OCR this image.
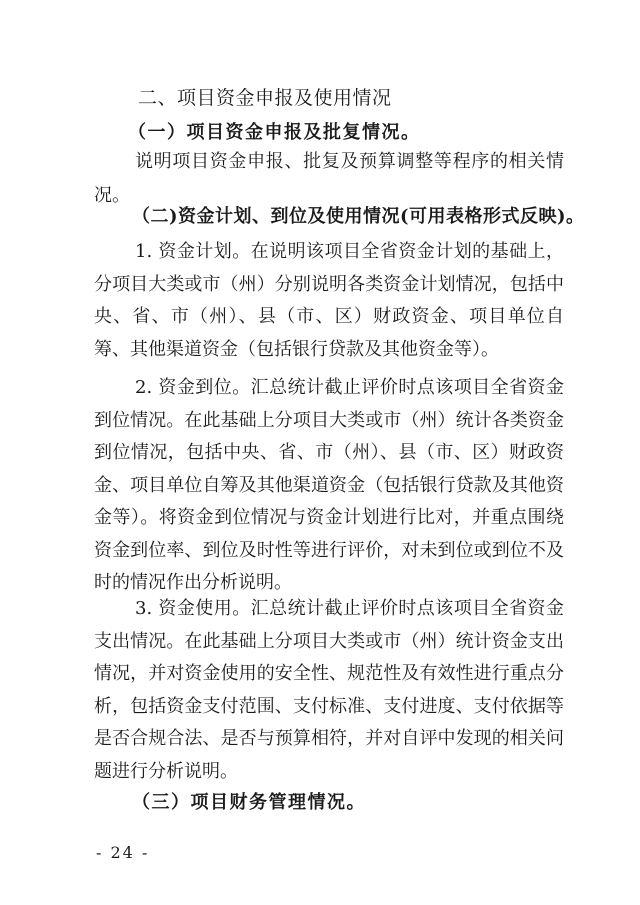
二、项目资金申报及使用情况
（一）项目资金申报及批复情况。

说明项目资金申报、批复及预算调整等程序的相关情况。

（二)资金计划、到位及使用情况(可用表格形式反映)。

1. 资金计划。在说明该项目全省资金计划的基础上，分项目大类或市（州）分别说明各类资金计划情况，包括中央、省、市（州）、县（市、区）财政资金、项目单位自筹、其他渠道资金（包括银行贷款及其他资金等）。

2. 资金到位。汇总统计截止评价时点该项目全省资金到位情况。在此基础上分项目大类或市（州）统计各类资金到位情况，包括中央、省、市（州）、县（市、区）财政资金、项目单位自筹及其他渠道资金（包括银行贷款及其他资金等）。将资金到位情况与资金计划进行比对，并重点围绕资金到位率、到位及时性等进行评价，对未到位或到位不及时的情况作出分析说明。

3. 资金使用。汇总统计截止评价时点该项目全省资金支出情况。在此基础上分项目大类或市（州）统计资金支出情况，并对资金使用的安全性、规范性及有效性进行重点分析，包括资金支付范围、支付标准、支付进度、支付依据等是否合规合法、是否与预算相符，并对自评中发现的相关问题进行分析说明。

（三）项目财务管理情况。
- 24 -
